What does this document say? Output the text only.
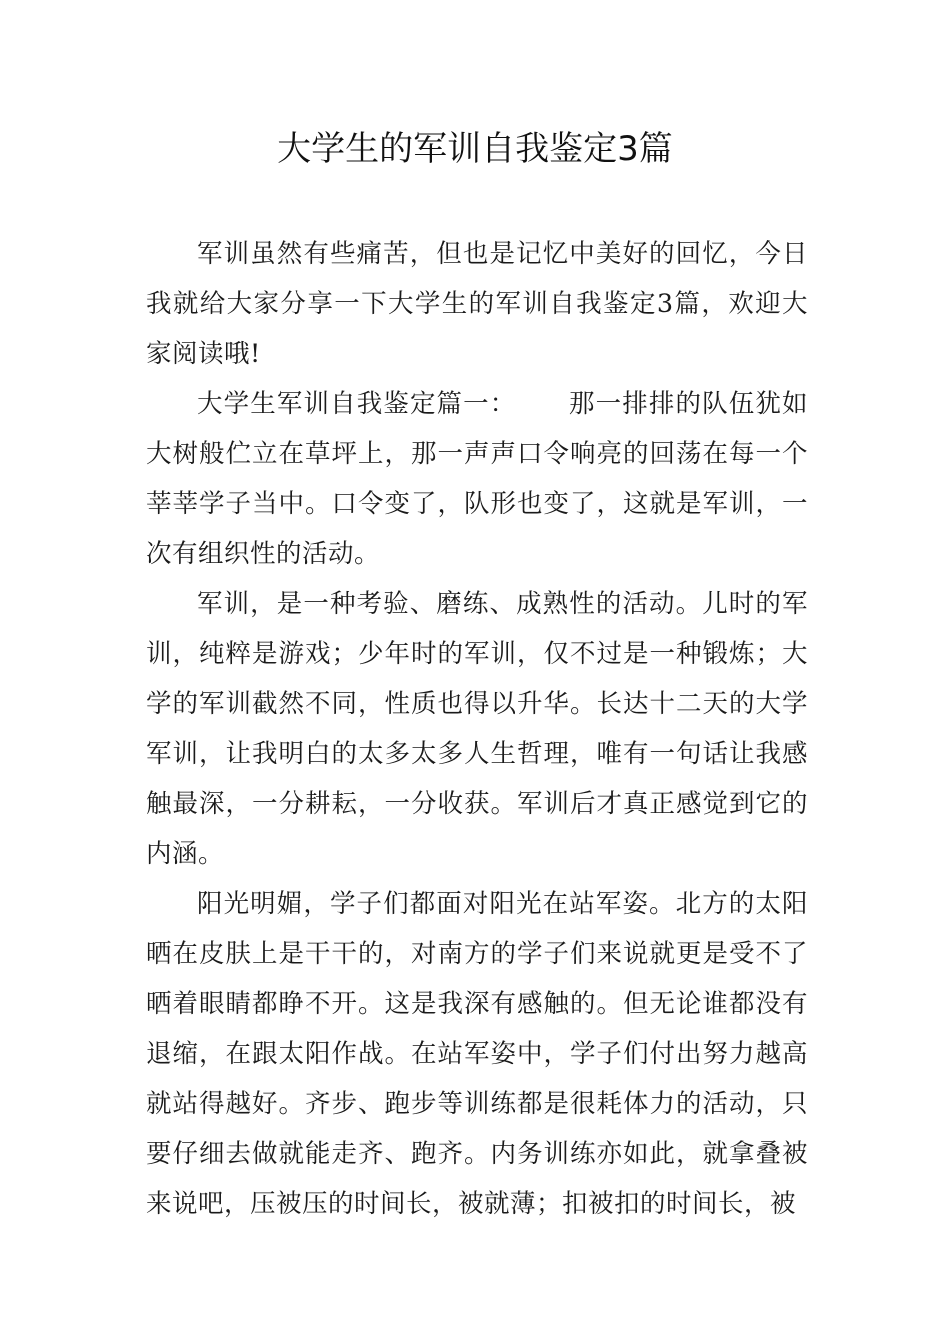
大学生的军训自我鉴定3篇

军训虽然有些痛苦，但也是记忆中美好的回忆，今日我就给大家分享一下大学生的军训自我鉴定3篇，欢迎大家阅读哦!

大学生军训自我鉴定篇一： 那一排排的队伍犹如大树般伫立在草坪上，那一声声口令响亮的回荡在每一个莘莘学子当中。口令变了，队形也变了，这就是军训，一次有组织性的活动。

军训，是一种考验、磨练、成熟性的活动。儿时的军训，纯粹是游戏；少年时的军训，仅不过是一种锻炼；大学的军训截然不同，性质也得以升华。长达十二天的大学军训，让我明白的太多太多人生哲理，唯有一句话让我感触最深，一分耕耘，一分收获。军训后才真正感觉到它的内涵。

阳光明媚，学子们都面对阳光在站军姿。北方的太阳晒在皮肤上是干干的，对南方的学子们来说就更是受不了晒着眼睛都睁不开。这是我深有感触的。但无论谁都没有退缩，在跟太阳作战。在站军姿中，学子们付出努力越高就站得越好。齐步、跑步等训练都是很耗体力的活动，只要仔细去做就能走齐、跑齐。内务训练亦如此，就拿叠被来说吧，压被压的时间长，被就薄；扣被扣的时间长，被
